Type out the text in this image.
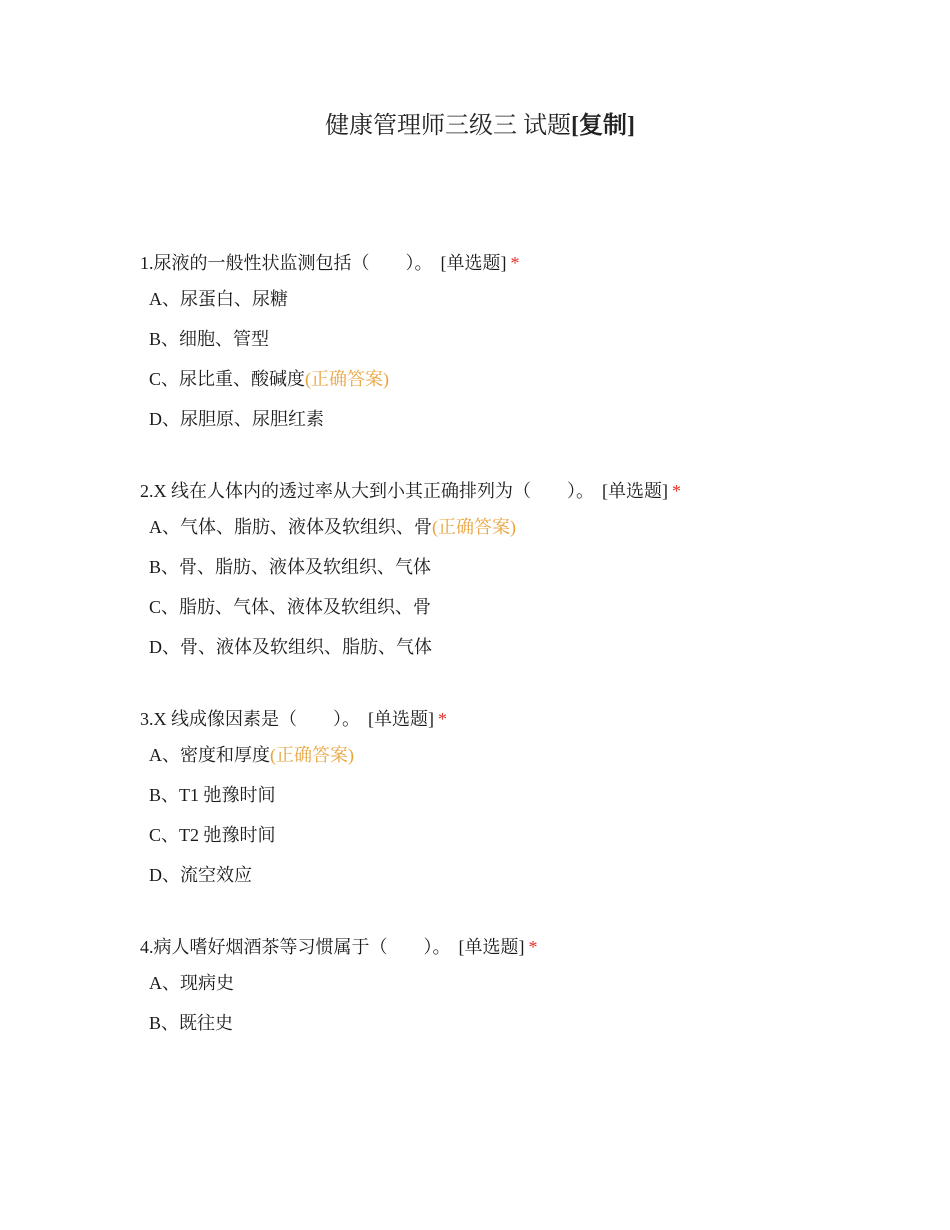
健康管理师三级三 试题[复制]
1.尿液的一般性状监测包括（　　）。 [单选题] *
A、尿蛋白、尿糖
B、细胞、管型
C、尿比重、酸碱度(正确答案)
D、尿胆原、尿胆红素
2.X 线在人体内的透过率从大到小其正确排列为（　　）。 [单选题] *
A、气体、脂肪、液体及软组织、骨(正确答案)
B、骨、脂肪、液体及软组织、气体
C、脂肪、气体、液体及软组织、骨
D、骨、液体及软组织、脂肪、气体
3.X 线成像因素是（　　）。 [单选题] *
A、密度和厚度(正确答案)
B、T1 弛豫时间
C、T2 弛豫时间
D、流空效应
4.病人嗜好烟酒茶等习惯属于（　　）。 [单选题] *
A、现病史
B、既往史
